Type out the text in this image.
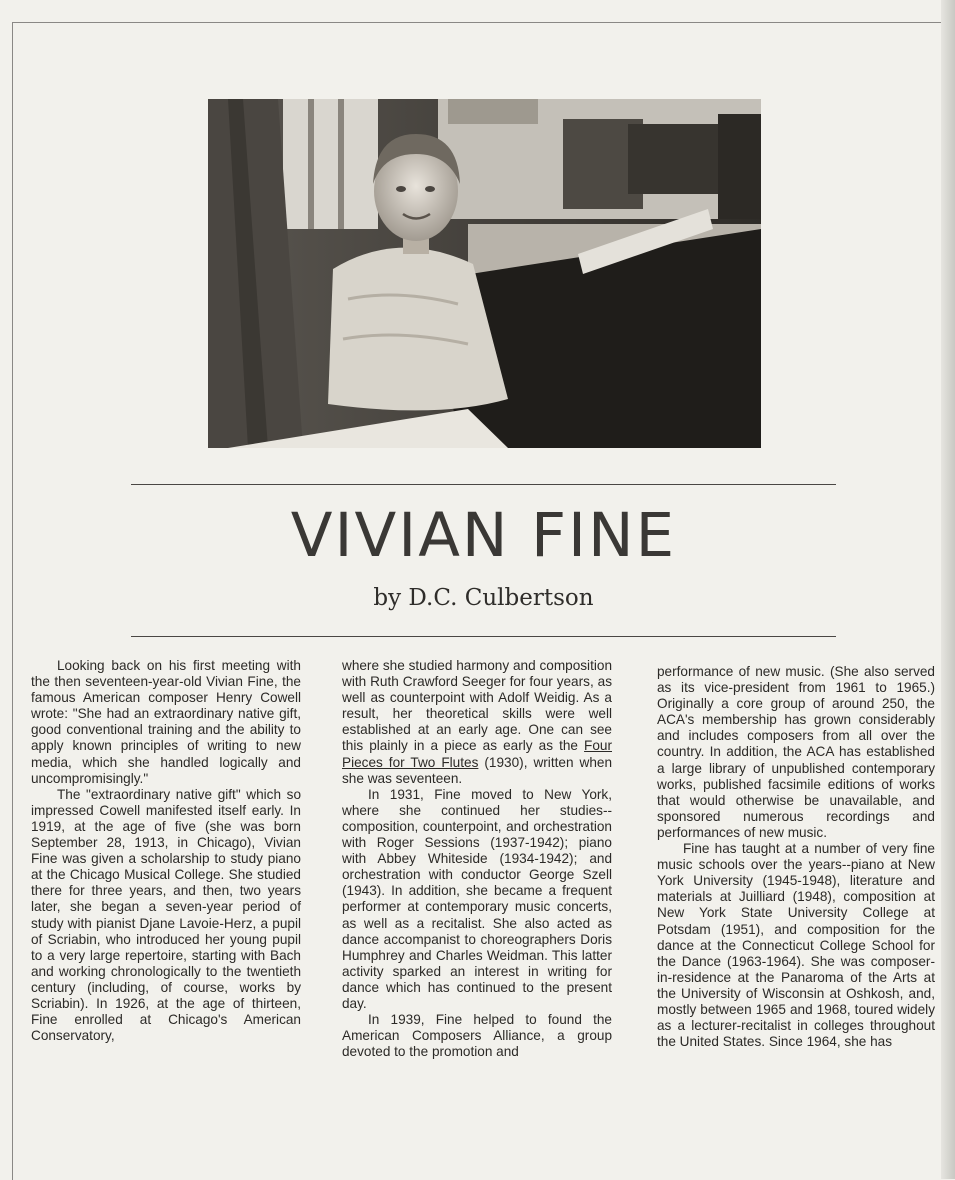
VIVIAN FINE

by D.C. Culbertson

Looking back on his first meeting with the then seventeen-year-old Vivian Fine, the famous American composer Henry Cowell wrote: "She had an extraordinary native gift, good conventional training and the ability to apply known principles of writing to new media, which she handled logically and uncompromisingly."

The "extraordinary native gift" which so impressed Cowell manifested itself early. In 1919, at the age of five (she was born September 28, 1913, in Chicago), Vivian Fine was given a scholarship to study piano at the Chicago Musical College. She studied there for three years, and then, two years later, she began a seven-year period of study with pianist Djane Lavoie-Herz, a pupil of Scriabin, who introduced her young pupil to a very large repertoire, starting with Bach and working chronologically to the twentieth century (including, of course, works by Scriabin). In 1926, at the age of thirteen, Fine enrolled at Chicago's American Conservatory,

where she studied harmony and composition with Ruth Crawford Seeger for four years, as well as counterpoint with Adolf Weidig. As a result, her theoretical skills were well established at an early age. One can see this plainly in a piece as early as the Four Pieces for Two Flutes (1930), written when she was seventeen.

In 1931, Fine moved to New York, where she continued her studies--composition, counterpoint, and orchestration with Roger Sessions (1937-1942); piano with Abbey Whiteside (1934-1942); and orchestration with conductor George Szell (1943). In addition, she became a frequent performer at contemporary music concerts, as well as a recitalist. She also acted as dance accompanist to choreographers Doris Humphrey and Charles Weidman. This latter activity sparked an interest in writing for dance which has continued to the present day.

In 1939, Fine helped to found the American Composers Alliance, a group devoted to the promotion and

performance of new music. (She also served as its vice-president from 1961 to 1965.) Originally a core group of around 250, the ACA's membership has grown considerably and includes composers from all over the country. In addition, the ACA has established a large library of unpublished contemporary works, published facsimile editions of works that would otherwise be unavailable, and sponsored numerous recordings and performances of new music.

Fine has taught at a number of very fine music schools over the years--piano at New York University (1945-1948), literature and materials at Juilliard (1948), composition at New York State University College at Potsdam (1951), and composition for the dance at the Connecticut College School for the Dance (1963-1964). She was composer-in-residence at the Panaroma of the Arts at the University of Wisconsin at Oshkosh, and, mostly between 1965 and 1968, toured widely as a lecturer-recitalist in colleges throughout the United States. Since 1964, she has
